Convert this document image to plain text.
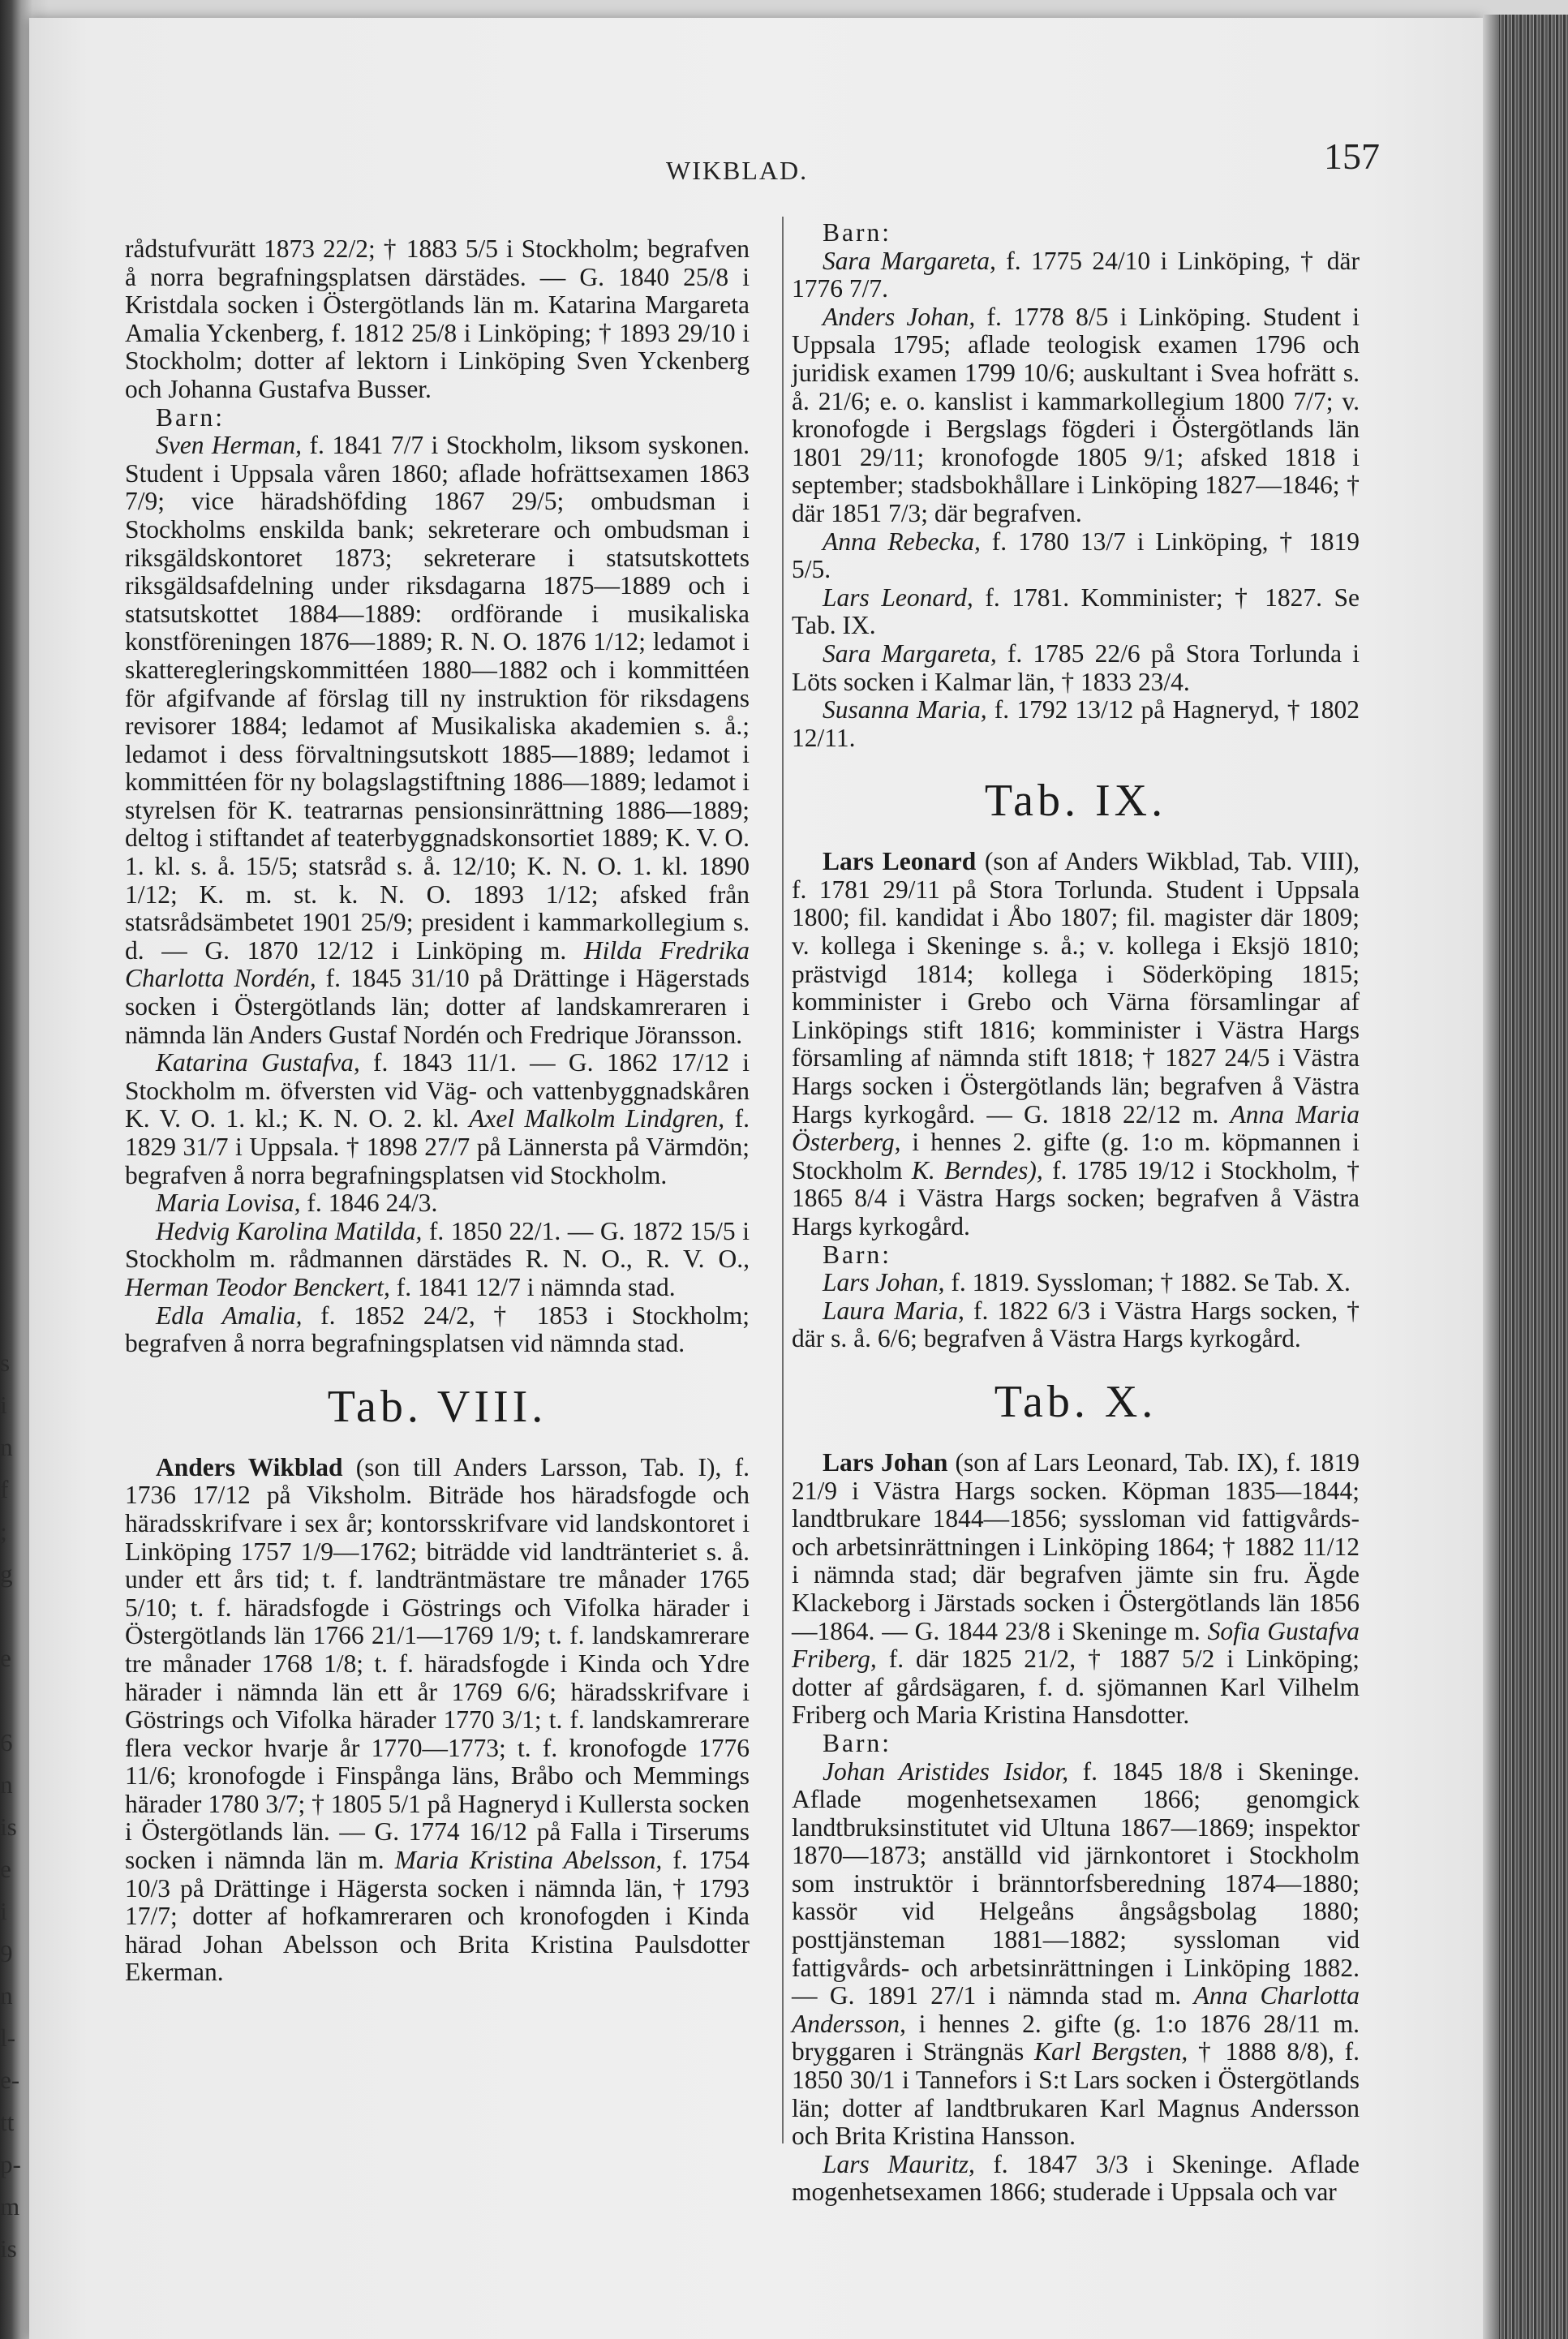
s
i
n
f
;
g
e
6
n
is
e
i
9
n
l-
e-
tt
p-
m
is
WIKBLAD.	157

rådstufvurätt 1873 22/2; † 1883 5/5 i Stockholm; begrafven å norra begrafningsplatsen därstädes. — G. 1840 25/8 i Kristdala socken i Östergötlands län m. Katarina Margareta Amalia Yckenberg, f. 1812 25/8 i Linköping; † 1893 29/10 i Stockholm; dotter af lektorn i Linköping Sven Yckenberg och Johanna Gustafva Busser.

Barn:

Sven Herman, f. 1841 7/7 i Stockholm, liksom syskonen. Student i Uppsala våren 1860; aflade hofrättsexamen 1863 7/9; vice häradshöfding 1867 29/5; ombudsman i Stockholms enskilda bank; sekreterare och ombudsman i riksgäldskontoret 1873; sekreterare i statsutskottets riksgäldsafdelning under riksdagarna 1875—1889 och i statsutskottet 1884—1889: ordförande i musikaliska konstföreningen 1876—1889; R. N. O. 1876 1/12; ledamot i skatteregleringskommittéen 1880—1882 och i kommittéen för afgifvande af förslag till ny instruktion för riksdagens revisorer 1884; ledamot af Musikaliska akademien s. å.; ledamot i dess förvaltningsutskott 1885—1889; ledamot i kommittéen för ny bolagslagstiftning 1886—1889; ledamot i styrelsen för K. teatrarnas pensionsinrättning 1886—1889; deltog i stiftandet af teaterbyggnadskonsortiet 1889; K. V. O. 1. kl. s. å. 15/5; statsråd s. å. 12/10; K. N. O. 1. kl. 1890 1/12; K. m. st. k. N. O. 1893 1/12; afsked från statsrådsämbetet 1901 25/9; president i kammarkollegium s. d. — G. 1870 12/12 i Linköping m. Hilda Fredrika Charlotta Nordén, f. 1845 31/10 på Drättinge i Hägerstads socken i Östergötlands län; dotter af landskamreraren i nämnda län Anders Gustaf Nordén och Fredrique Jöransson.

Katarina Gustafva, f. 1843 11/1. — G. 1862 17/12 i Stockholm m. öfversten vid Väg- och vattenbyggnadskåren K. V. O. 1. kl.; K. N. O. 2. kl. Axel Malkolm Lindgren, f. 1829 31/7 i Uppsala. † 1898 27/7 på Lännersta på Värmdön; begrafven å norra begrafningsplatsen vid Stockholm.

Maria Lovisa, f. 1846 24/3.

Hedvig Karolina Matilda, f. 1850 22/1. — G. 1872 15/5 i Stockholm m. rådmannen därstädes R. N. O., R. V. O., Herman Teodor Benckert, f. 1841 12/7 i nämnda stad.

Edla Amalia, f. 1852 24/2, † 1853 i Stockholm; begrafven å norra begrafningsplatsen vid nämnda stad.

Tab. VIII.

Anders Wikblad (son till Anders Larsson, Tab. I), f. 1736 17/12 på Viksholm. Biträde hos häradsfogde och häradsskrifvare i sex år; kontorsskrifvare vid landskontoret i Linköping 1757 1/9—1762; biträdde vid landtränteriet s. å. under ett års tid; t. f. landträntmästare tre månader 1765 5/10; t. f. häradsfogde i Göstrings och Vifolka härader i Östergötlands län 1766 21/1—1769 1/9; t. f. landskamrerare tre månader 1768 1/8; t. f. häradsfogde i Kinda och Ydre härader i nämnda län ett år 1769 6/6; häradsskrifvare i Göstrings och Vifolka härader 1770 3/1; t. f. landskamrerare flera veckor hvarje år 1770—1773; t. f. kronofogde 1776 11/6; kronofogde i Finspånga läns, Bråbo och Memmings härader 1780 3/7; † 1805 5/1 på Hagneryd i Kullersta socken i Östergötlands län. — G. 1774 16/12 på Falla i Tirserums socken i nämnda län m. Maria Kristina Abelsson, f. 1754 10/3 på Drättinge i Hägersta socken i nämnda län, † 1793 17/7; dotter af hofkamreraren och kronofogden i Kinda härad Johan Abelsson och Brita Kristina Paulsdotter Ekerman.

Barn:

Sara Margareta, f. 1775 24/10 i Linköping, † där 1776 7/7.

Anders Johan, f. 1778 8/5 i Linköping. Student i Uppsala 1795; aflade teologisk examen 1796 och juridisk examen 1799 10/6; auskultant i Svea hofrätt s. å. 21/6; e. o. kanslist i kammarkollegium 1800 7/7; v. kronofogde i Bergslags fögderi i Östergötlands län 1801 29/11; kronofogde 1805 9/1; afsked 1818 i september; stadsbokhållare i Linköping 1827—1846; † där 1851 7/3; där begrafven.

Anna Rebecka, f. 1780 13/7 i Linköping, † 1819 5/5.

Lars Leonard, f. 1781. Komminister; † 1827. Se Tab. IX.

Sara Margareta, f. 1785 22/6 på Stora Torlunda i Löts socken i Kalmar län, † 1833 23/4.

Susanna Maria, f. 1792 13/12 på Hagneryd, † 1802 12/11.

Tab. IX.

Lars Leonard (son af Anders Wikblad, Tab. VIII), f. 1781 29/11 på Stora Torlunda. Student i Uppsala 1800; fil. kandidat i Åbo 1807; fil. magister där 1809; v. kollega i Skeninge s. å.; v. kollega i Eksjö 1810; prästvigd 1814; kollega i Söderköping 1815; komminister i Grebo och Värna församlingar af Linköpings stift 1816; komminister i Västra Hargs församling af nämnda stift 1818; † 1827 24/5 i Västra Hargs socken i Östergötlands län; begrafven å Västra Hargs kyrkogård. — G. 1818 22/12 m. Anna Maria Österberg, i hennes 2. gifte (g. 1:o m. köpmannen i Stockholm K. Berndes), f. 1785 19/12 i Stockholm, † 1865 8/4 i Västra Hargs socken; begrafven å Västra Hargs kyrkogård.

Barn:

Lars Johan, f. 1819. Syssloman; † 1882. Se Tab. X.

Laura Maria, f. 1822 6/3 i Västra Hargs socken, † där s. å. 6/6; begrafven å Västra Hargs kyrkogård.

Tab. X.

Lars Johan (son af Lars Leonard, Tab. IX), f. 1819 21/9 i Västra Hargs socken. Köpman 1835—1844; landtbrukare 1844—1856; syssloman vid fattigvårds- och arbetsinrättningen i Linköping 1864; † 1882 11/12 i nämnda stad; där begrafven jämte sin fru. Ägde Klackeborg i Järstads socken i Östergötlands län 1856—1864. — G. 1844 23/8 i Skeninge m. Sofia Gustafva Friberg, f. där 1825 21/2, † 1887 5/2 i Linköping; dotter af gårdsägaren, f. d. sjömannen Karl Vilhelm Friberg och Maria Kristina Hansdotter.

Barn:

Johan Aristides Isidor, f. 1845 18/8 i Skeninge. Aflade mogenhetsexamen 1866; genomgick landtbruksinstitutet vid Ultuna 1867—1869; inspektor 1870—1873; anställd vid järnkontoret i Stockholm som instruktör i bränntorfsberedning 1874—1880; kassör vid Helgeåns ångsågsbolag 1880; posttjänsteman 1881—1882; syssloman vid fattigvårds- och arbetsinrättningen i Linköping 1882. — G. 1891 27/1 i nämnda stad m. Anna Charlotta Andersson, i hennes 2. gifte (g. 1:o 1876 28/11 m. bryggaren i Strängnäs Karl Bergsten, † 1888 8/8), f. 1850 30/1 i Tannefors i S:t Lars socken i Östergötlands län; dotter af landtbrukaren Karl Magnus Andersson och Brita Kristina Hansson.

Lars Mauritz, f. 1847 3/3 i Skeninge. Aflade mogenhetsexamen 1866; studerade i Uppsala och var
